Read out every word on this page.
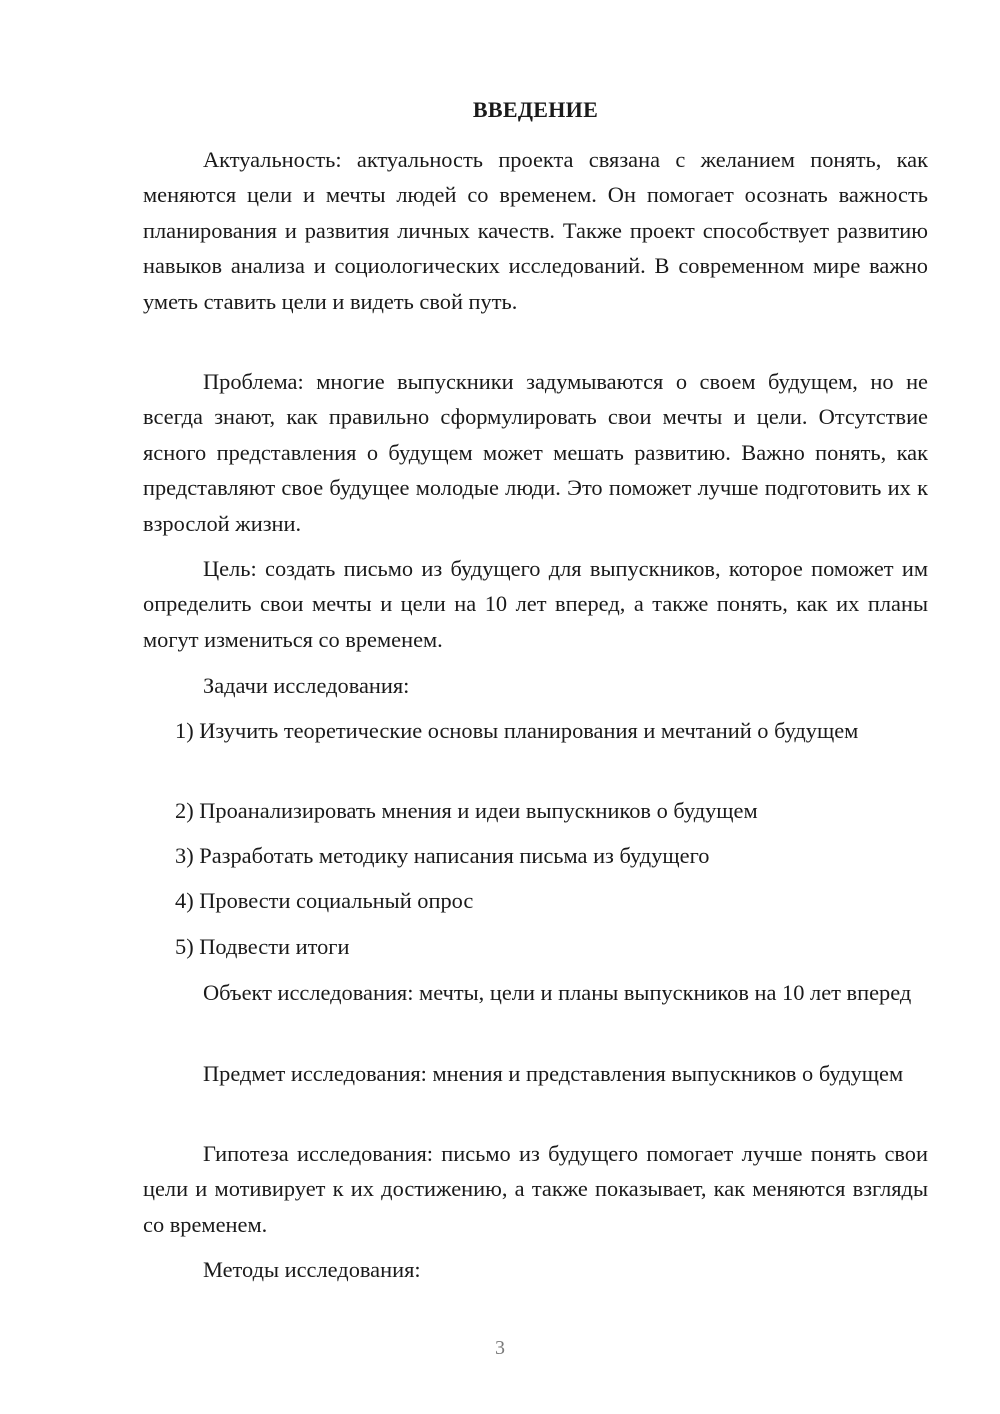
ВВЕДЕНИЕ

Актуальность: актуальность проекта связана с желанием понять, как меняются цели и мечты людей со временем. Он помогает осознать важность планирования и развития личных качеств. Также проект способствует развитию навыков анализа и социологических исследований. В современном мире важно уметь ставить цели и видеть свой путь.

Проблема: многие выпускники задумываются о своем будущем, но не всегда знают, как правильно сформулировать свои мечты и цели. Отсутствие ясного представления о будущем может мешать развитию. Важно понять, как представляют свое будущее молодые люди. Это поможет лучше подготовить их к взрослой жизни.

Цель: создать письмо из будущего для выпускников, которое поможет им определить свои мечты и цели на 10 лет вперед, а также понять, как их планы могут измениться со временем.

Задачи исследования:

1) Изучить теоретические основы планирования и мечтаний о будущем

2) Проанализировать мнения и идеи выпускников о будущем

3) Разработать методику написания письма из будущего

4) Провести социальный опрос

5) Подвести итоги

Объект исследования: мечты, цели и планы выпускников на 10 лет вперед

Предмет исследования: мнения и представления выпускников о будущем

Гипотеза исследования: письмо из будущего помогает лучше понять свои цели и мотивирует к их достижению, а также показывает, как меняются взгляды со временем.

Методы исследования:

3
